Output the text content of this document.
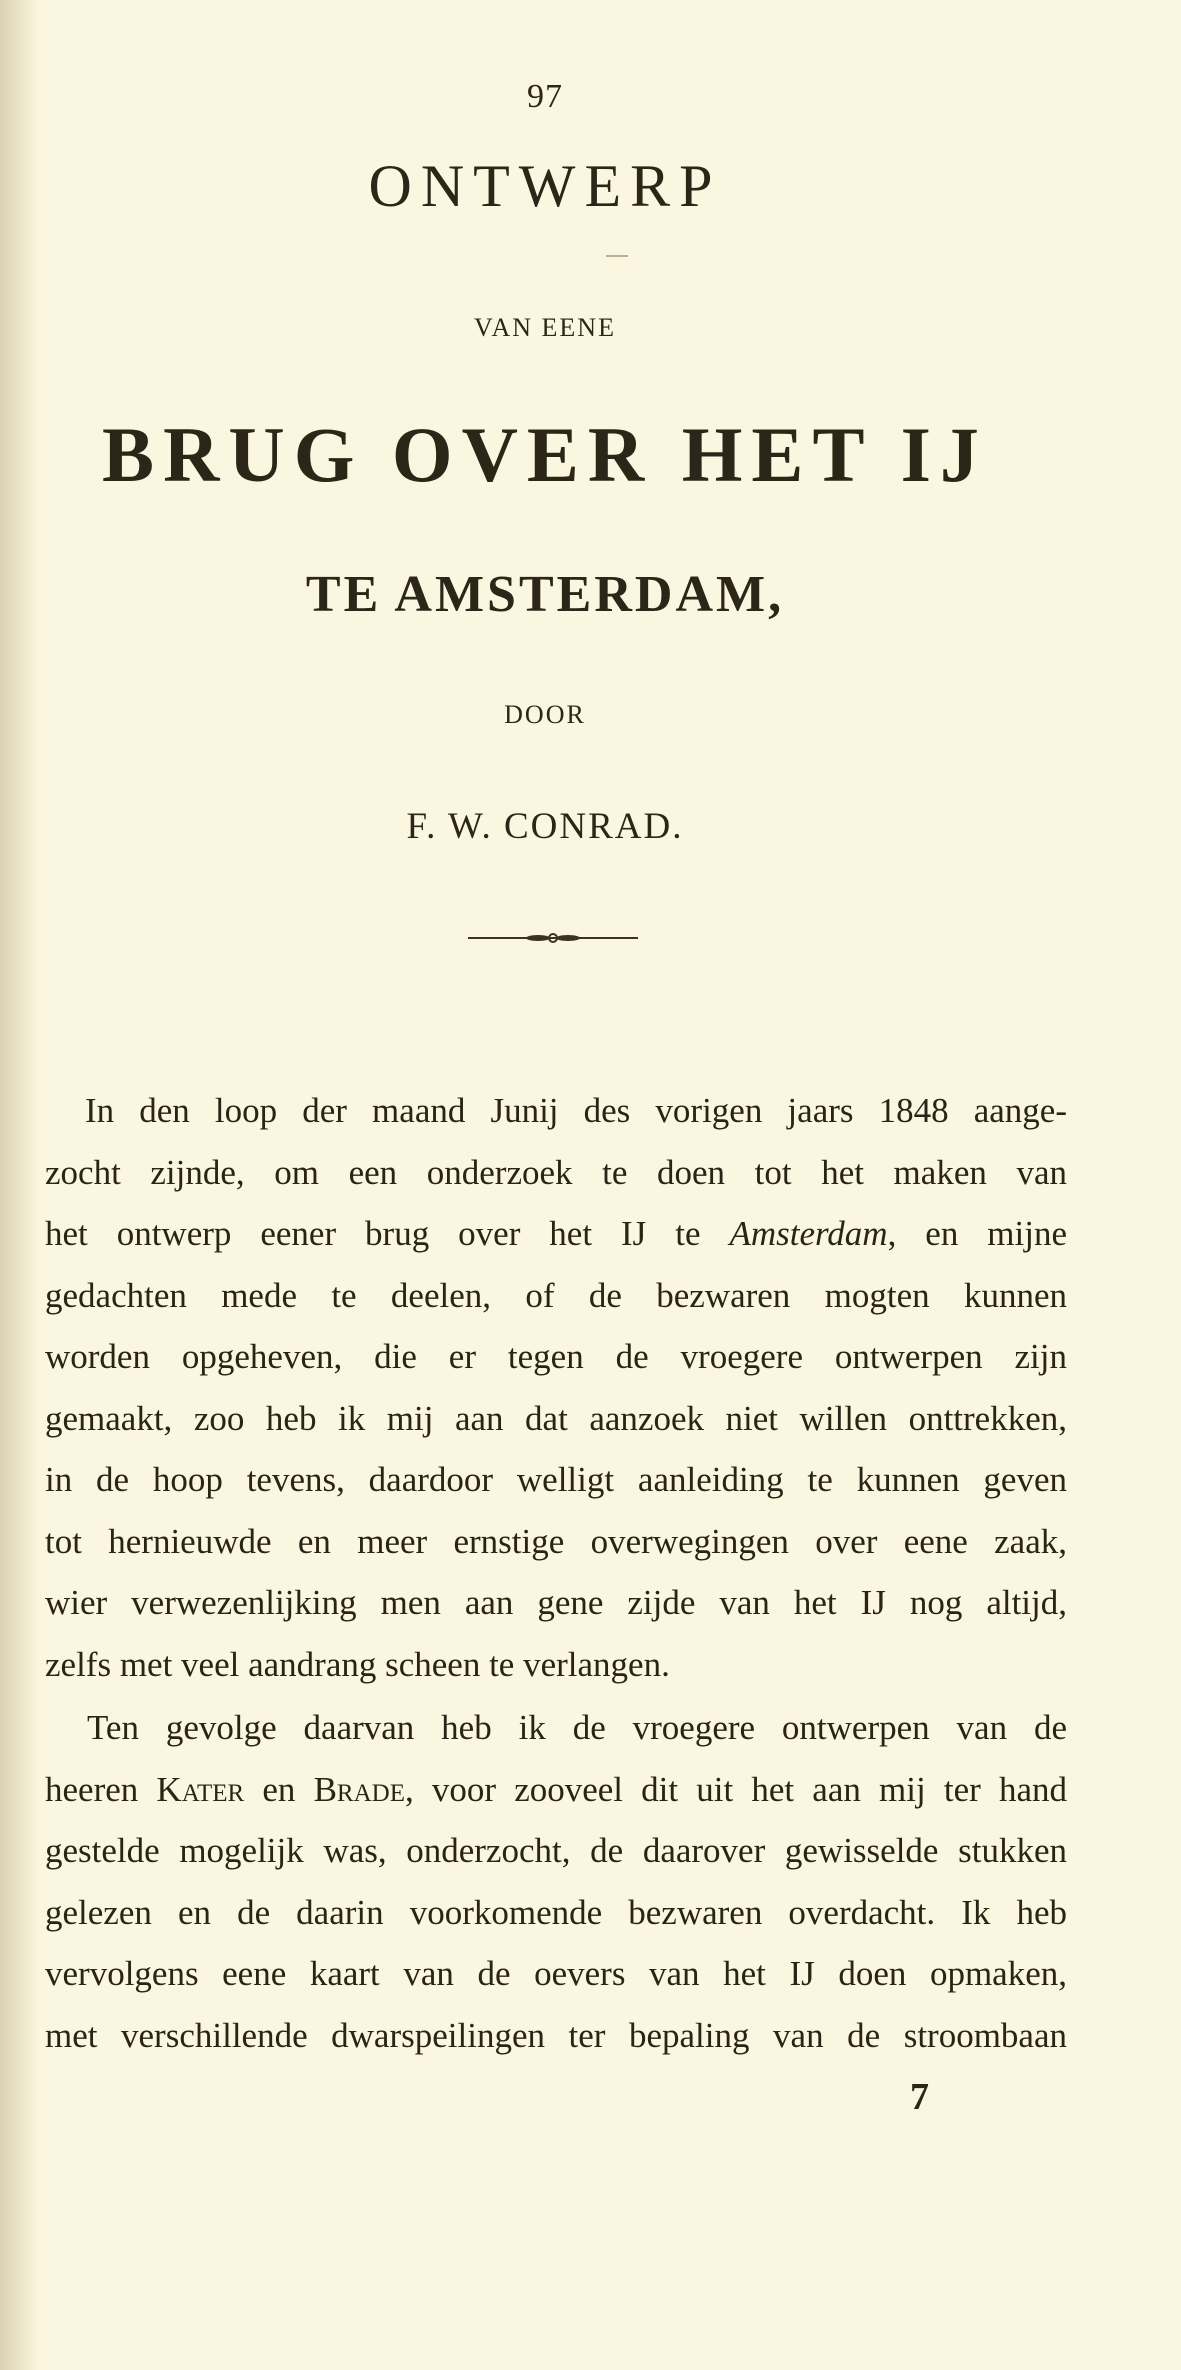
97
ONTWERP
VAN EENE
BRUG OVER HET IJ
TE AMSTERDAM,
DOOR
F. W. CONRAD.
In den loop der maand Junij des vorigen jaars 1848 aange-
zocht zijnde, om een onderzoek te doen tot het maken van
het ontwerp eener brug over het IJ te Amsterdam, en mijne
gedachten mede te deelen, of de bezwaren mogten kunnen
worden opgeheven, die er tegen de vroegere ontwerpen zijn
gemaakt, zoo heb ik mij aan dat aanzoek niet willen onttrekken,
in de hoop tevens, daardoor welligt aanleiding te kunnen geven
tot hernieuwde en meer ernstige overwegingen over eene zaak,
wier verwezenlijking men aan gene zijde van het IJ nog altijd,
zelfs met veel aandrang scheen te verlangen.
Ten gevolge daarvan heb ik de vroegere ontwerpen van de
heeren Kater en Brade, voor zooveel dit uit het aan mij ter hand
gestelde mogelijk was, onderzocht, de daarover gewisselde stukken
gelezen en de daarin voorkomende bezwaren overdacht. Ik heb
vervolgens eene kaart van de oevers van het IJ doen opmaken,
met verschillende dwarspeilingen ter bepaling van de stroombaan
7
